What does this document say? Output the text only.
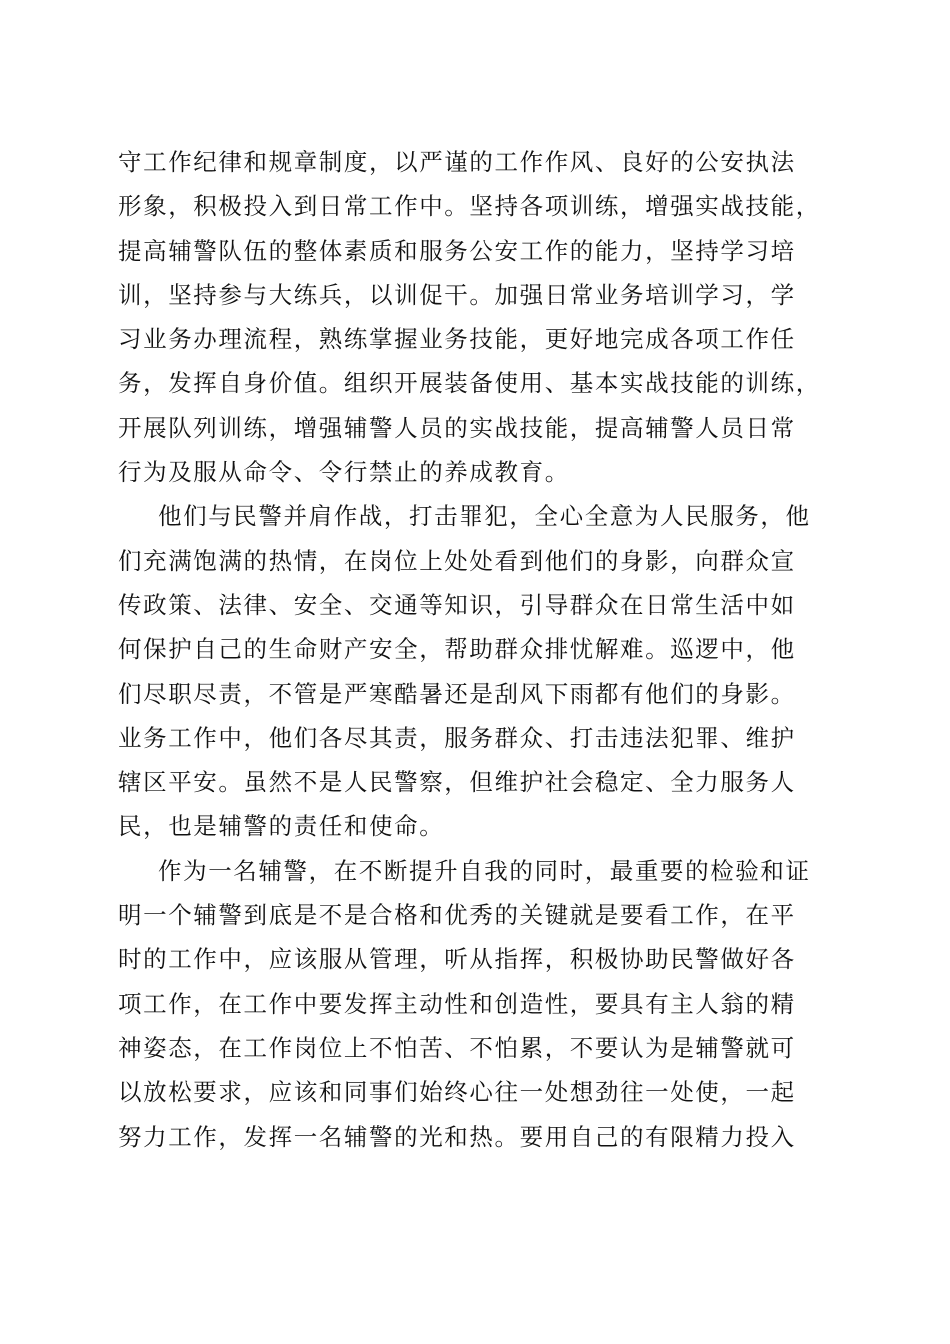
守工作纪律和规章制度，以严谨的工作作风、良好的公安执法
形象，积极投入到日常工作中。坚持各项训练，增强实战技能，
提高辅警队伍的整体素质和服务公安工作的能力，坚持学习培
训，坚持参与大练兵，以训促干。加强日常业务培训学习，学
习业务办理流程，熟练掌握业务技能，更好地完成各项工作任
务，发挥自身价值。组织开展装备使用、基本实战技能的训练，
开展队列训练，增强辅警人员的实战技能，提高辅警人员日常
行为及服从命令、令行禁止的养成教育。
他们与民警并肩作战，打击罪犯，全心全意为人民服务，他
们充满饱满的热情，在岗位上处处看到他们的身影，向群众宣
传政策、法律、安全、交通等知识，引导群众在日常生活中如
何保护自己的生命财产安全，帮助群众排忧解难。巡逻中，他
们尽职尽责，不管是严寒酷暑还是刮风下雨都有他们的身影。
业务工作中，他们各尽其责，服务群众、打击违法犯罪、维护
辖区平安。虽然不是人民警察，但维护社会稳定、全力服务人
民，也是辅警的责任和使命。
作为一名辅警，在不断提升自我的同时，最重要的检验和证
明一个辅警到底是不是合格和优秀的关键就是要看工作，在平
时的工作中，应该服从管理，听从指挥，积极协助民警做好各
项工作，在工作中要发挥主动性和创造性，要具有主人翁的精
神姿态，在工作岗位上不怕苦、不怕累，不要认为是辅警就可
以放松要求，应该和同事们始终心往一处想劲往一处使，一起
努力工作，发挥一名辅警的光和热。要用自己的有限精力投入
